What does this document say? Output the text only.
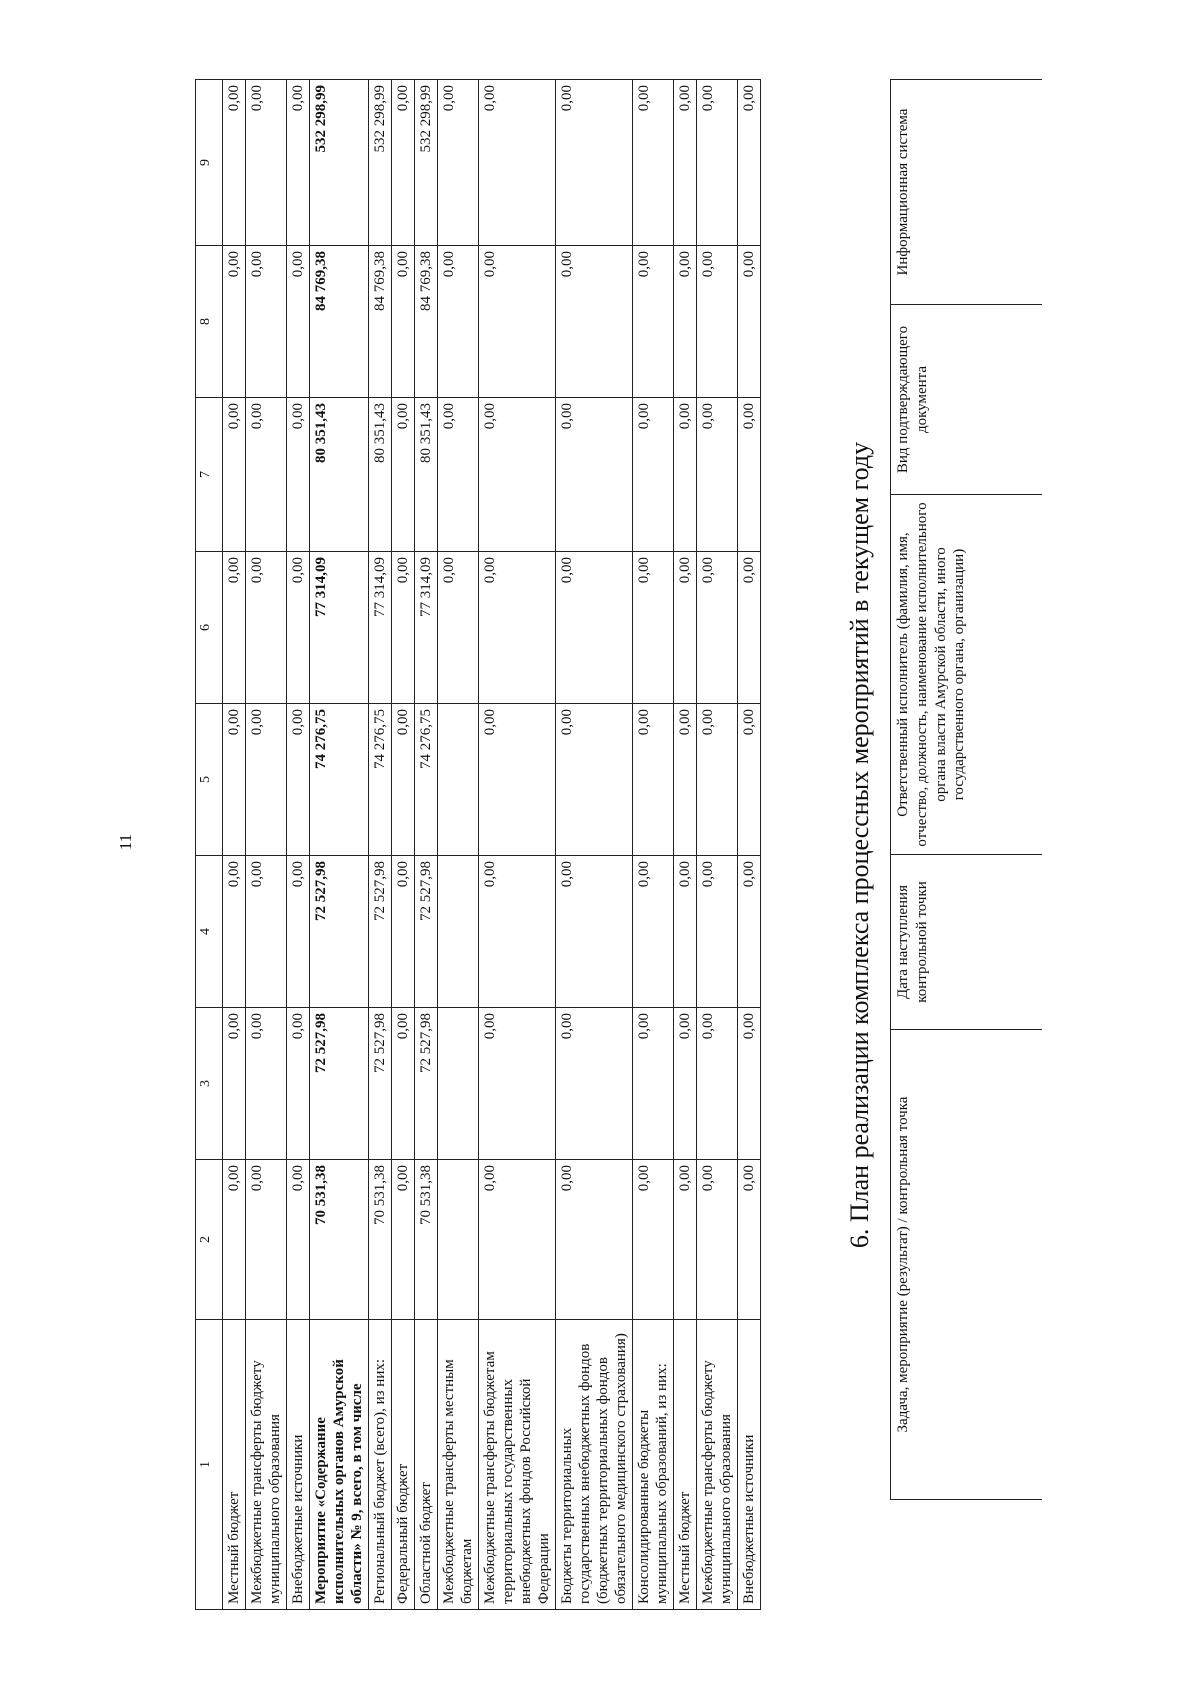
11
1	2	3	4	5	6	7	8	9
Местный бюджет	0,00	0,00	0,00	0,00	0,00	0,00	0,00	0,00
Межбюджетные трансферты бюджету муниципального образования	0,00	0,00	0,00	0,00	0,00	0,00	0,00	0,00
Внебюджетные источники	0,00	0,00	0,00	0,00	0,00	0,00	0,00	0,00
Мероприятие «Содержание исполнительных органов Амурской области» № 9, всего, в том числе	70 531,38	72 527,98	72 527,98	74 276,75	77 314,09	80 351,43	84 769,38	532 298,99
Региональный бюджет (всего), из них:	70 531,38	72 527,98	72 527,98	74 276,75	77 314,09	80 351,43	84 769,38	532 298,99
Федеральный бюджет	0,00	0,00	0,00	0,00	0,00	0,00	0,00	0,00
Областной бюджет	70 531,38	72 527,98	72 527,98	74 276,75	77 314,09	80 351,43	84 769,38	532 298,99
Межбюджетные трансферты местным бюджетам					0,00	0,00	0,00	0,00
Межбюджетные трансферты бюджетам территориальных государственных внебюджетных фондов Российской Федерации	0,00	0,00	0,00	0,00	0,00	0,00	0,00	0,00
Бюджеты территориальных государственных внебюджетных фондов (бюджетных территориальных фондов обязательного медицинского страхования)	0,00	0,00	0,00	0,00	0,00	0,00	0,00	0,00
Консолидированные бюджеты муниципальных образований, из них:	0,00	0,00	0,00	0,00	0,00	0,00	0,00	0,00
Местный бюджет	0,00	0,00	0,00	0,00	0,00	0,00	0,00	0,00
Межбюджетные трансферты бюджету муниципального образования	0,00	0,00	0,00	0,00	0,00	0,00	0,00	0,00
Внебюджетные источники	0,00	0,00	0,00	0,00	0,00	0,00	0,00	0,00
6. План реализации комплекса процессных мероприятий в текущем году
Задача, мероприятие (результат) / контрольная точка	Дата наступления контрольной точки	Ответственный исполнитель (фамилия, имя, отчество, должность, наименование исполнительного органа власти Амурской области, иного государственного органа, организации)	Вид подтверждающего документа	Информационная система
